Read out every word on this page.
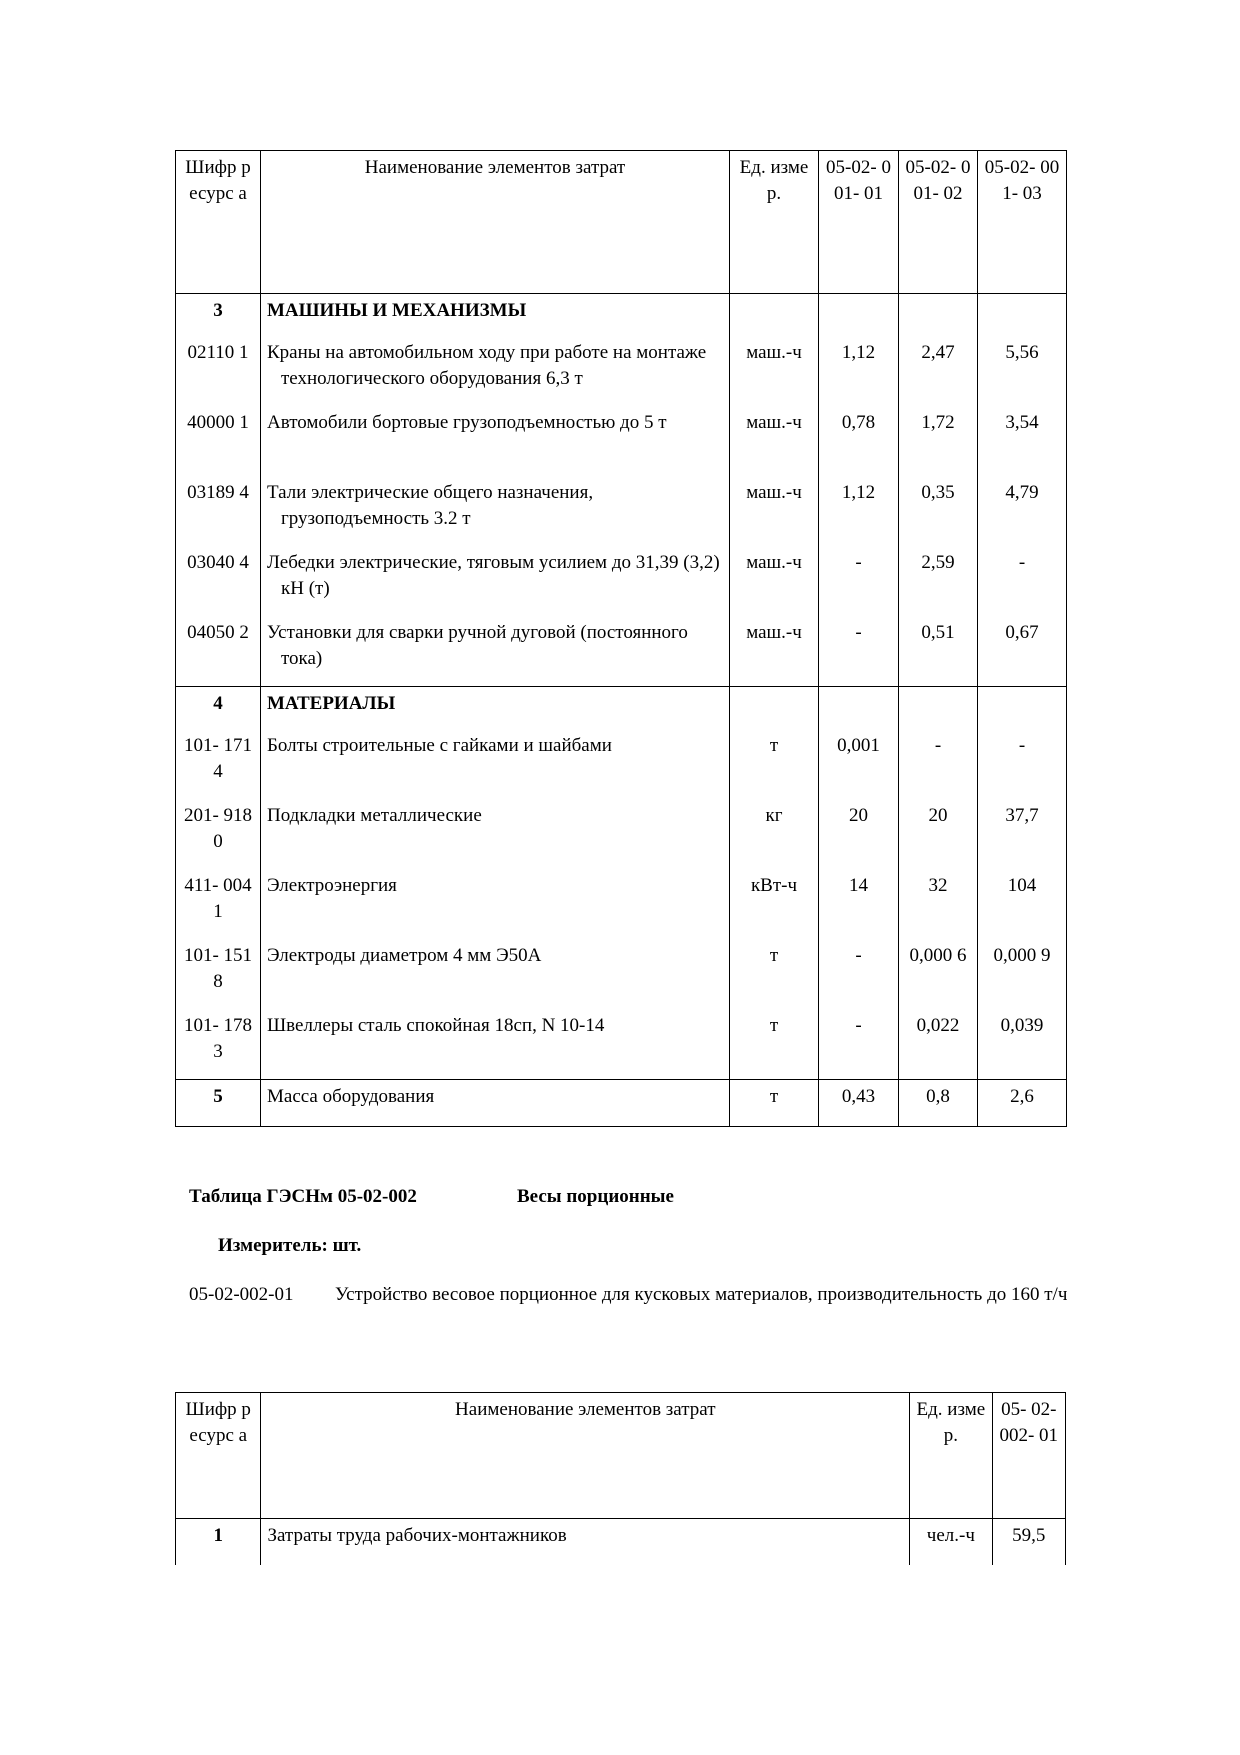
Шифр ресурс а	Наименование элементов затрат	Ед. измер.	05-02- 001- 01	05-02- 001- 02	05-02- 001- 03
3	МАШИНЫ И МЕХАНИЗМЫ				
02110 1	Краны на автомобильном ходу при работе на монтаже технологического оборудования 6,3 т	маш.-ч	1,12	2,47	5,56
40000 1	Автомобили бортовые грузоподъемностью до 5 т	маш.-ч	0,78	1,72	3,54
03189 4	Тали электрические общего назначения, грузоподъемность 3.2 т	маш.-ч	1,12	0,35	4,79
03040 4	Лебедки электрические, тяговым усилием до 31,39 (3,2) кН (т)	маш.-ч	-	2,59	-
04050 2	Установки для сварки ручной дуговой (постоянного тока)	маш.-ч	-	0,51	0,67
4	МАТЕРИАЛЫ				
101- 1714	Болты строительные с гайками и шайбами	т	0,001	-	-
201- 9180	Подкладки металлические	кг	20	20	37,7
411- 0041	Электроэнергия	кВт-ч	14	32	104
101- 1518	Электроды диаметром 4 мм Э50А	т	-	0,000 6	0,000 9
101- 1783	Швеллеры сталь спокойная 18сп, N 10-14	т	-	0,022	0,039
5	Масса оборудования	т	0,43	0,8	2,6
Таблица ГЭСНм 05-02-002	Весы порционные
Измеритель: шт.
05-02-002-01 Устройство весовое порционное для кусковых материалов, производительность до 160 т/ч
Шифр ресурс а	Наименование элементов затрат	Ед. измер.	05- 02- 002- 01
1	Затраты труда рабочих-монтажников	чел.-ч	59,5
